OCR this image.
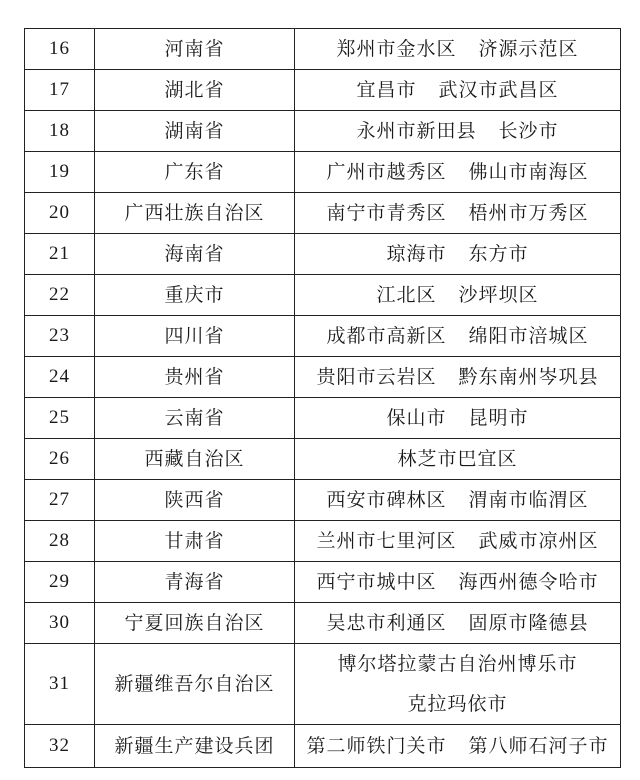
16	河南省	郑州市金水区 济源示范区
17	湖北省	宜昌市 武汉市武昌区
18	湖南省	永州市新田县 长沙市
19	广东省	广州市越秀区 佛山市南海区
20	广西壮族自治区	南宁市青秀区 梧州市万秀区
21	海南省	琼海市 东方市
22	重庆市	江北区 沙坪坝区
23	四川省	成都市高新区 绵阳市涪城区
24	贵州省	贵阳市云岩区 黔东南州岑巩县
25	云南省	保山市 昆明市
26	西藏自治区	林芝市巴宜区
27	陕西省	西安市碑林区 渭南市临渭区
28	甘肃省	兰州市七里河区 武威市凉州区
29	青海省	西宁市城中区 海西州德令哈市
30	宁夏回族自治区	吴忠市利通区 固原市隆德县
31	新疆维吾尔自治区	博尔塔拉蒙古自治州博乐市
克拉玛依市

32	新疆生产建设兵团	第二师铁门关市 第八师石河子市
